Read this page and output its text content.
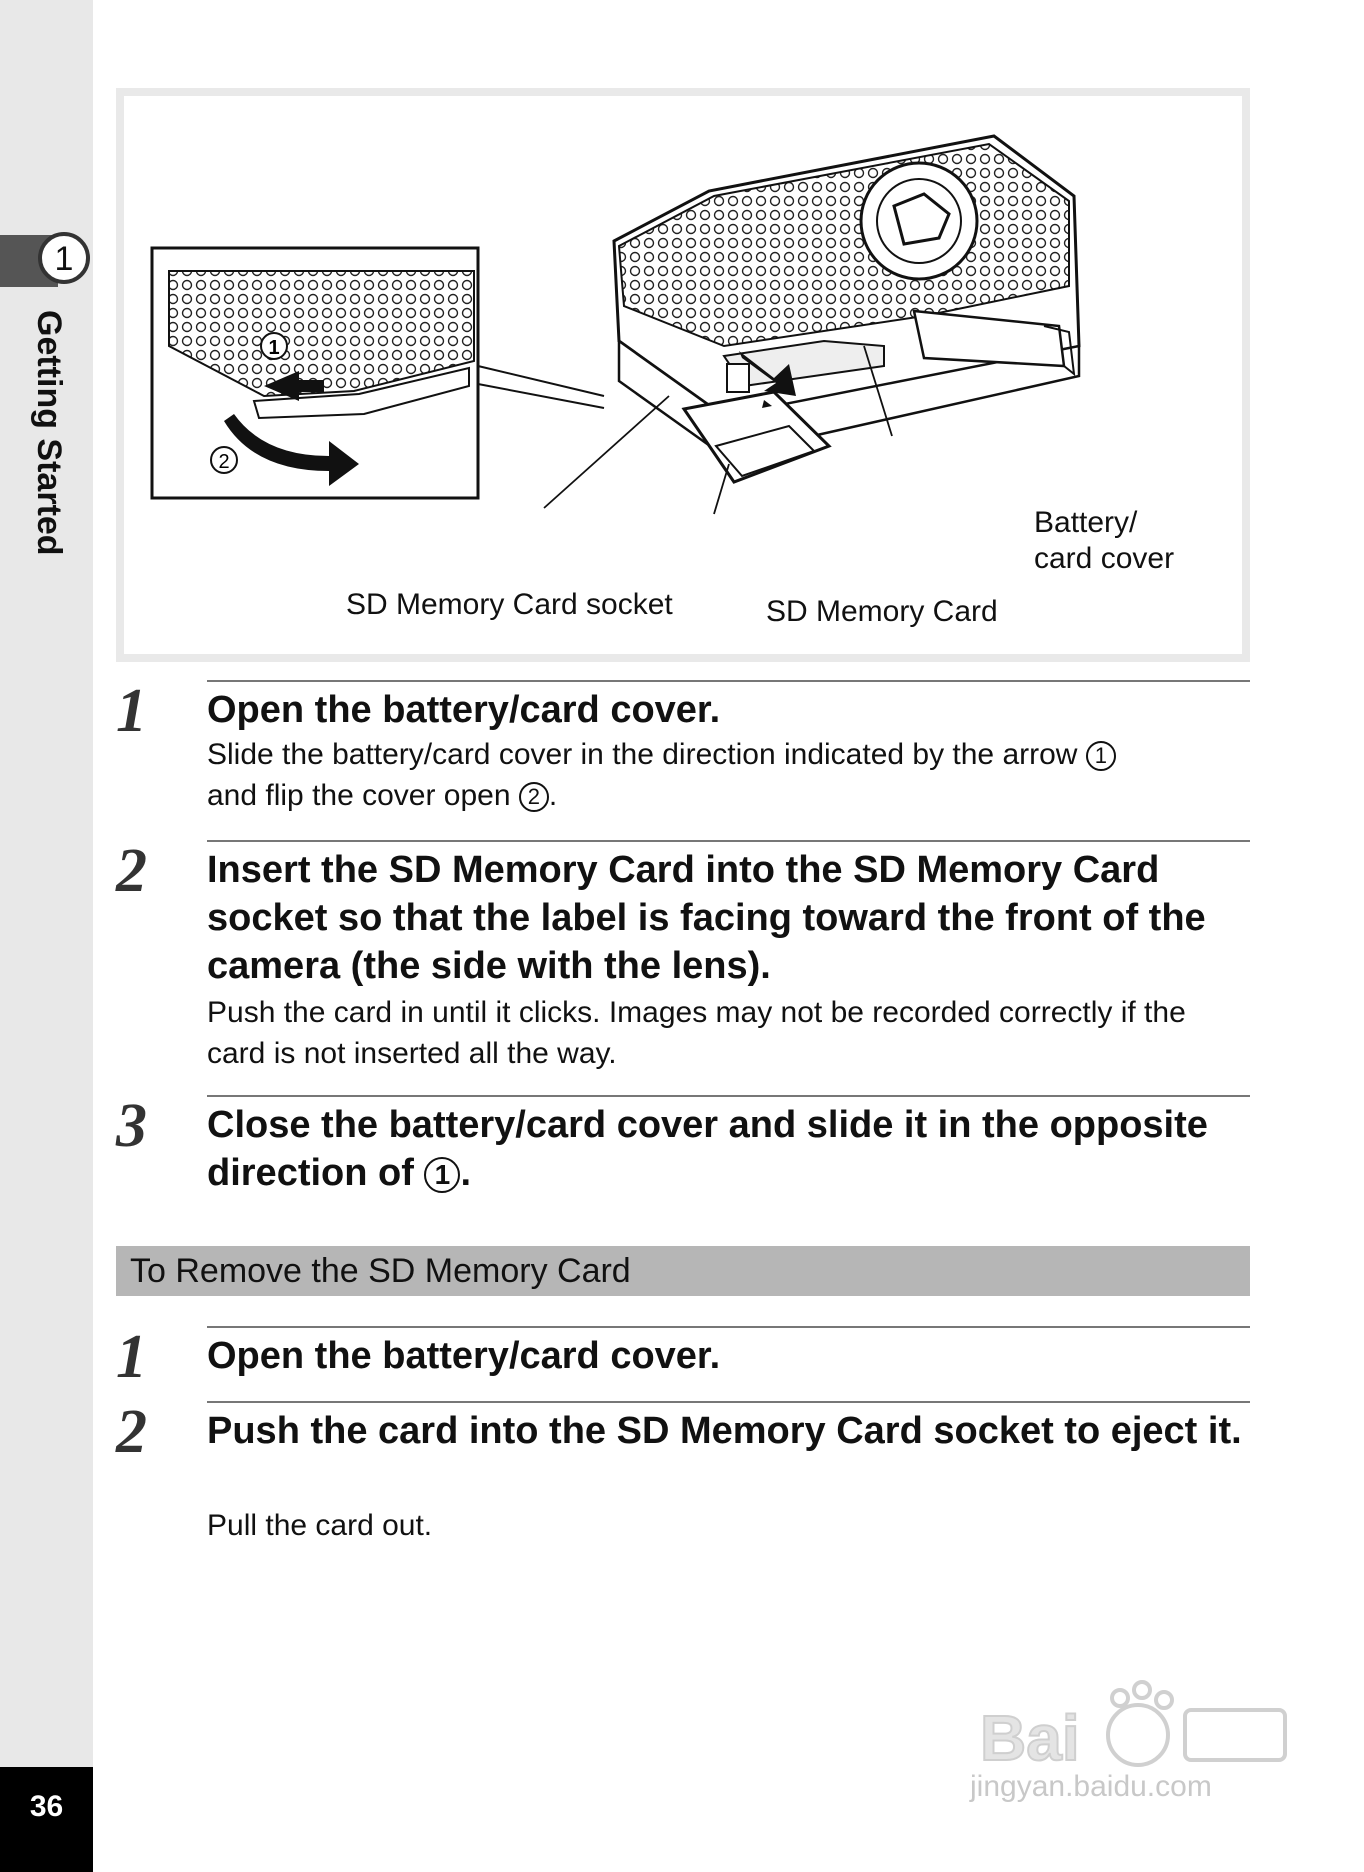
1
Getting Started
36
1
2
SD Memory Card socket	SD Memory Card
Battery/
card cover
1 Open the battery/card cover.
Slide the battery/card cover in the direction indicated by the arrow 1
and flip the cover open 2 .
2 Insert the SD Memory Card into the SD Memory Card socket so that the label is facing toward the front of the camera (the side with the lens).
Push the card in until it clicks. Images may not be recorded correctly if the card is not inserted all the way.
3 Close the battery/card cover and slide it in the opposite direction of 1 .
To Remove the SD Memory Card
1 Open the battery/card cover.
2 Push the card into the SD Memory Card socket to eject it.
Pull the card out.
Bai
jingyan.baidu.com
